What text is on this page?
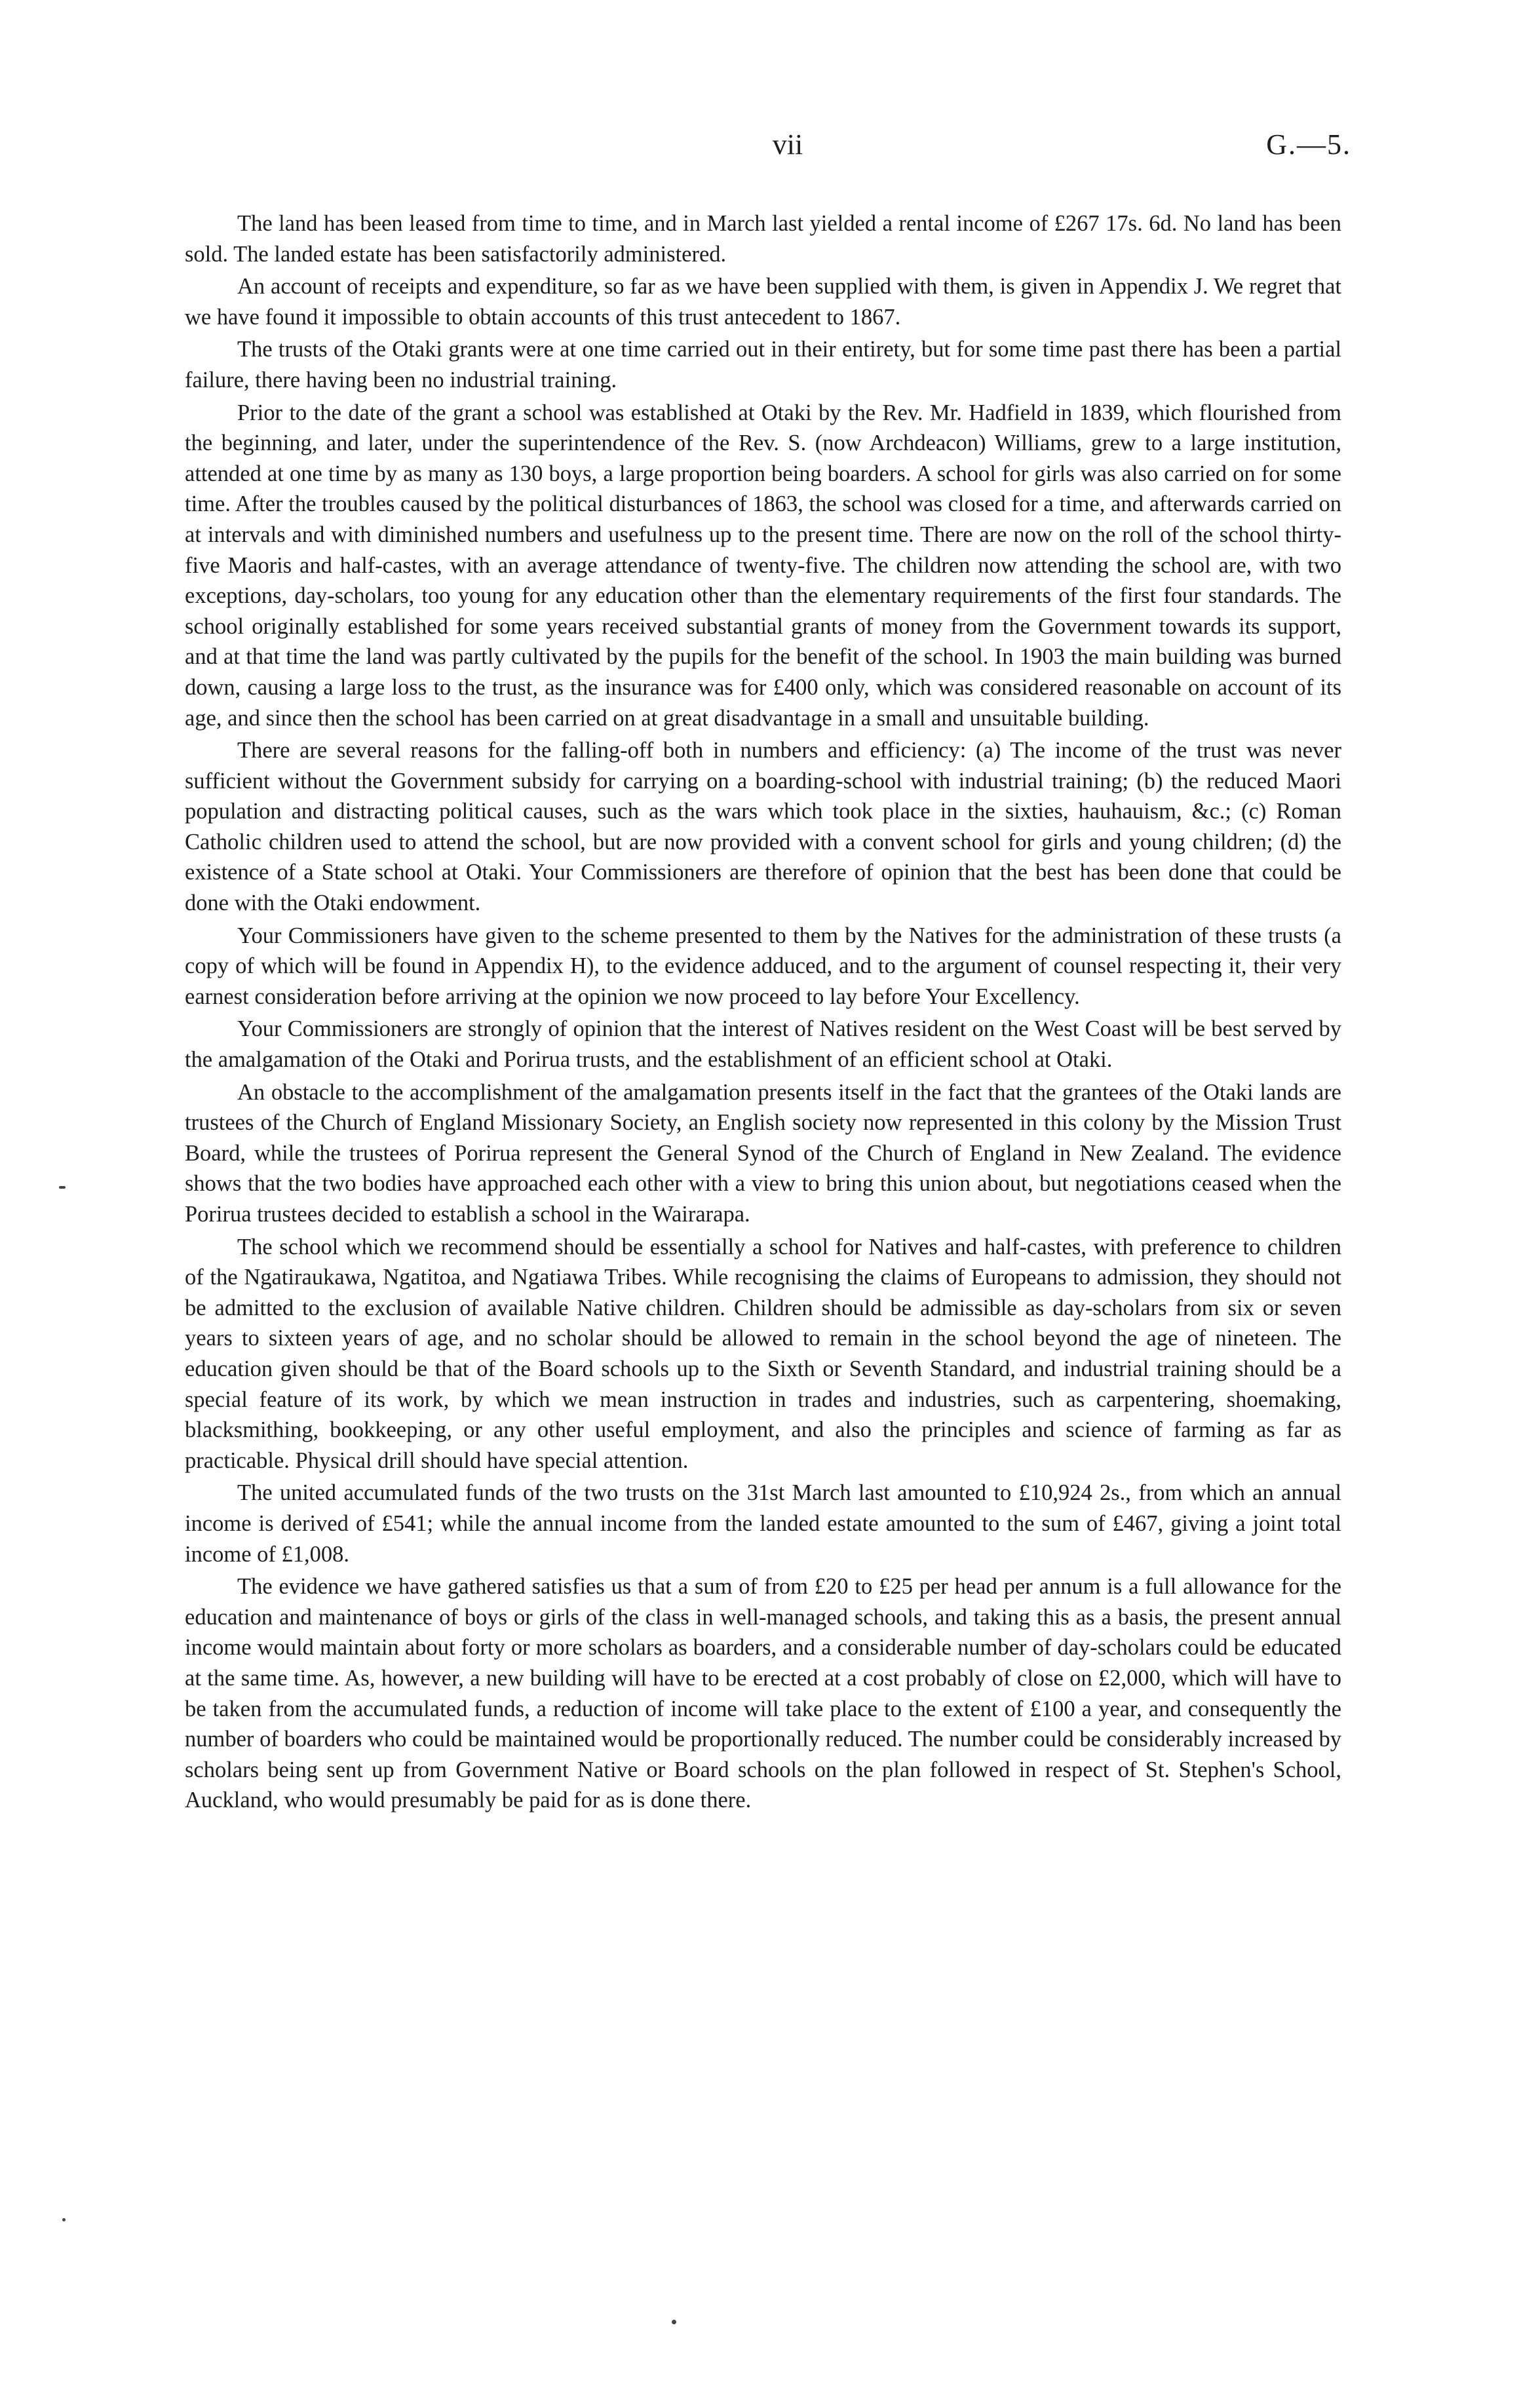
vii	G.—5.

The land has been leased from time to time, and in March last yielded a rental income of £267 17s. 6d. No land has been sold. The landed estate has been satisfactorily administered.

An account of receipts and expenditure, so far as we have been supplied with them, is given in Appendix J. We regret that we have found it impossible to obtain accounts of this trust antecedent to 1867.

The trusts of the Otaki grants were at one time carried out in their entirety, but for some time past there has been a partial failure, there having been no industrial training.

Prior to the date of the grant a school was established at Otaki by the Rev. Mr. Hadfield in 1839, which flourished from the beginning, and later, under the superintendence of the Rev. S. (now Archdeacon) Williams, grew to a large institution, attended at one time by as many as 130 boys, a large proportion being boarders. A school for girls was also carried on for some time. After the troubles caused by the political disturbances of 1863, the school was closed for a time, and afterwards carried on at intervals and with diminished numbers and usefulness up to the present time. There are now on the roll of the school thirty-five Maoris and half-castes, with an average attendance of twenty-five. The children now attending the school are, with two exceptions, day-scholars, too young for any education other than the elementary requirements of the first four standards. The school originally established for some years received substantial grants of money from the Government towards its support, and at that time the land was partly cultivated by the pupils for the benefit of the school. In 1903 the main building was burned down, causing a large loss to the trust, as the insurance was for £400 only, which was considered reasonable on account of its age, and since then the school has been carried on at great disadvantage in a small and unsuitable building.

There are several reasons for the falling-off both in numbers and efficiency: (a) The income of the trust was never sufficient without the Government subsidy for carrying on a boarding-school with industrial training; (b) the reduced Maori population and distracting political causes, such as the wars which took place in the sixties, hauhauism, &c.; (c) Roman Catholic children used to attend the school, but are now provided with a convent school for girls and young children; (d) the existence of a State school at Otaki. Your Commissioners are therefore of opinion that the best has been done that could be done with the Otaki endowment.

Your Commissioners have given to the scheme presented to them by the Natives for the administration of these trusts (a copy of which will be found in Appendix H), to the evidence adduced, and to the argument of counsel respecting it, their very earnest consideration before arriving at the opinion we now proceed to lay before Your Excellency.

Your Commissioners are strongly of opinion that the interest of Natives resident on the West Coast will be best served by the amalgamation of the Otaki and Porirua trusts, and the establishment of an efficient school at Otaki.

An obstacle to the accomplishment of the amalgamation presents itself in the fact that the grantees of the Otaki lands are trustees of the Church of England Missionary Society, an English society now represented in this colony by the Mission Trust Board, while the trustees of Porirua represent the General Synod of the Church of England in New Zealand. The evidence shows that the two bodies have approached each other with a view to bring this union about, but negotiations ceased when the Porirua trustees decided to establish a school in the Wairarapa.

The school which we recommend should be essentially a school for Natives and half-castes, with preference to children of the Ngatiraukawa, Ngatitoa, and Ngatiawa Tribes. While recognising the claims of Europeans to admission, they should not be admitted to the exclusion of available Native children. Children should be admissible as day-scholars from six or seven years to sixteen years of age, and no scholar should be allowed to remain in the school beyond the age of nineteen. The education given should be that of the Board schools up to the Sixth or Seventh Standard, and industrial training should be a special feature of its work, by which we mean instruction in trades and industries, such as carpentering, shoemaking, blacksmithing, bookkeeping, or any other useful employment, and also the principles and science of farming as far as practicable. Physical drill should have special attention.

The united accumulated funds of the two trusts on the 31st March last amounted to £10,924 2s., from which an annual income is derived of £541; while the annual income from the landed estate amounted to the sum of £467, giving a joint total income of £1,008.

The evidence we have gathered satisfies us that a sum of from £20 to £25 per head per annum is a full allowance for the education and maintenance of boys or girls of the class in well-managed schools, and taking this as a basis, the present annual income would maintain about forty or more scholars as boarders, and a considerable number of day-scholars could be educated at the same time. As, however, a new building will have to be erected at a cost probably of close on £2,000, which will have to be taken from the accumulated funds, a reduction of income will take place to the extent of £100 a year, and consequently the number of boarders who could be maintained would be proportionally reduced. The number could be considerably increased by scholars being sent up from Government Native or Board schools on the plan followed in respect of St. Stephen's School, Auckland, who would presumably be paid for as is done there.
